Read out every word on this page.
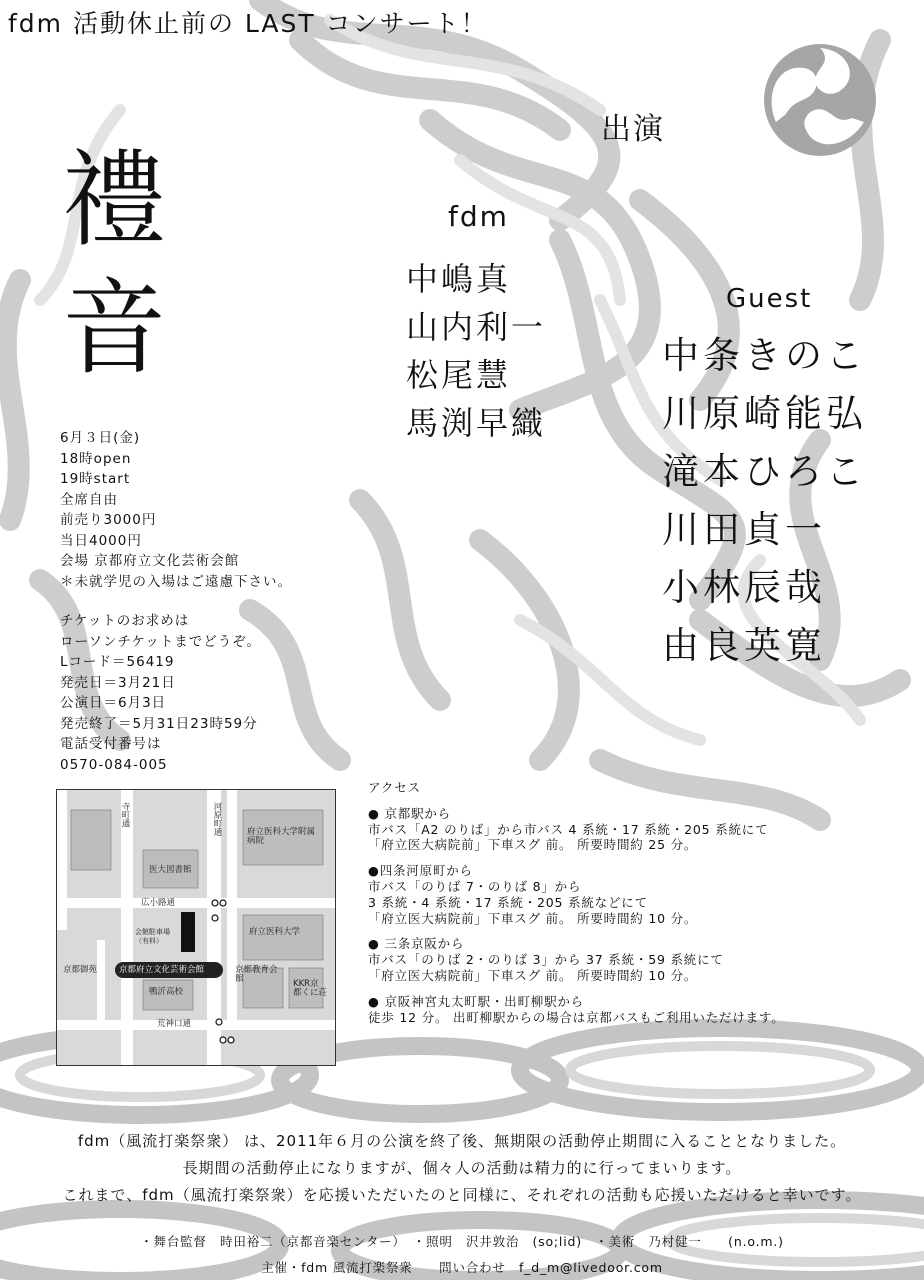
fdm 活動休止前の LAST コンサート！
禮
音
出演
fdm
中嶋真
山内利一
松尾慧
馬渕早織
Guest
中条きのこ
川原崎能弘
滝本ひろこ
川田貞一
小林辰哉
由良英寛
6月３日(金)
18時open
19時start
全席自由
前売り3000円
当日4000円
会場 京都府立文化芸術会館
＊未就学児の入場はご遠慮下さい。
チケットのお求めは
ローソンチケットまでどうぞ。
Lコード＝56419
発売日＝3月21日
公演日＝6月3日
発売終了＝5月31日23時59分
電話受付番号は
0570-084-005
寺町通	河原町通	府立医科大学附属病院
医大図書館
広小路通
会館駐車場（有料）
府立医科大学
京都御苑	京都府立文化芸術会館	京都教育会館	KKR京都くに荘
鴨沂高校
荒神口通
アクセス
● 京都駅から
市バス「A2 のりば」から市バス 4 系統・17 系統・205 系統にて
「府立医大病院前」下車スグ 前。 所要時間約 25 分。
●四条河原町から
市バス「のりば 7・のりば 8」から
3 系統・4 系統・17 系統・205 系統などにて
「府立医大病院前」下車スグ 前。 所要時間約 10 分。
● 三条京阪から
市バス「のりば 2・のりば 3」から 37 系統・59 系統にて
「府立医大病院前」下車スグ 前。 所要時間約 10 分。
● 京阪神宮丸太町駅・出町柳駅から
徒歩 12 分。 出町柳駅からの場合は京都バスもご利用いただけます。
fdm（風流打楽祭衆） は、2011年６月の公演を終了後、無期限の活動停止期間に入ることとなりました。
長期間の活動停止になりますが、個々人の活動は精力的に行ってまいります。
これまで、fdm（風流打楽祭衆）を応援いただいたのと同様に、それぞれの活動も応援いただけると幸いです。
・舞台監督　時田裕二（京都音楽センター）　・照明　沢井敦治　(so;lid)　・美術　乃村健一　　(n.o.m.)
主催・fdm 風流打楽祭衆　　問い合わせ　f_d_m@livedoor.com
